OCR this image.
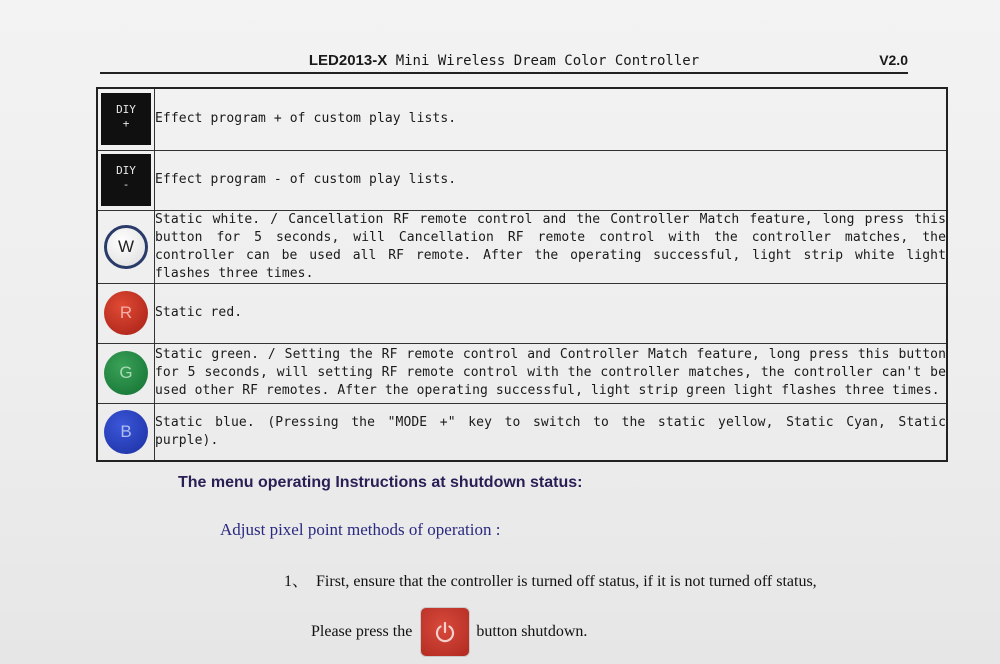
LED2013-X Mini Wireless Dream Color Controller	V2.0
DIY
+	Effect program + of custom play lists.

DIY
-	Effect program - of custom play lists.
W	Static white. / Cancellation RF remote control and the Controller Match feature, long press this button for 5 seconds, will Cancellation RF remote control with the controller matches, the controller can be used all RF remote. After the operating successful, light strip white light flashes three times.
R	Static red.
G	Static green. / Setting the RF remote control and Controller Match feature, long press this button for 5 seconds, will setting RF remote control with the controller matches, the controller can't be used other RF remotes. After the operating successful, light strip green light flashes three times.
B	Static blue. (Pressing the "MODE +" key to switch to the static yellow, Static Cyan, Static purple).
The menu operating Instructions at shutdown status:
Adjust pixel point methods of operation :
1、 First, ensure that the controller is turned off status, if it is not turned off status,
Please press the	button shutdown.
